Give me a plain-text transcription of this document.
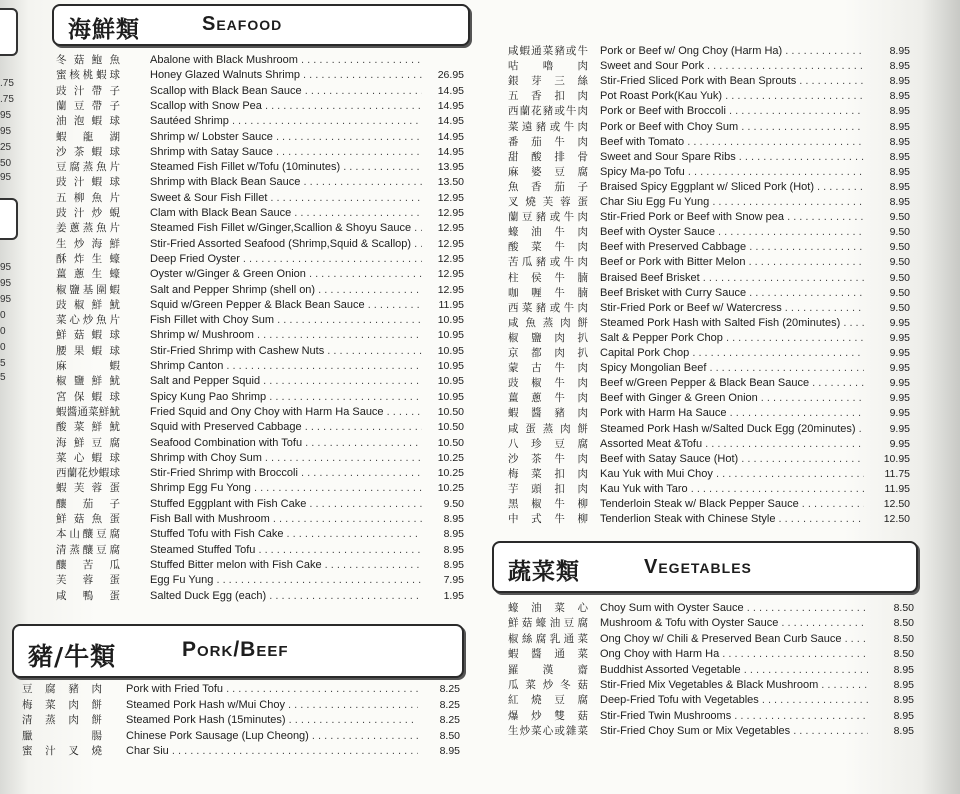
.75
.75
95
95
25
50
95
95
95
95
0
0
0
5
5
海鮮類	Seafood
豬/牛類	Pork/Beef
蔬菜類	Vegetables
冬菇鮑魚	Abalone with Black Mushroom . . .
蜜核桃蝦球	Honey Glazed Walnuts Shrimp . . .	26.95
豉汁帶子	Scallop with Black Bean Sauce . . .	14.95
蘭豆帶子	Scallop with Snow Pea . . .	14.95
油泡蝦球	Sautéed Shrimp . . .	14.95
蝦龍湖	Shrimp w/ Lobster Sauce . . .	14.95
沙茶蝦球	Shrimp with Satay Sauce . . .	14.95
豆腐蒸魚片	Steamed Fish Fillet w/Tofu (10minutes) . . .	13.95
豉汁蝦球	Shrimp with Black Bean Sauce . . .	13.50
五柳魚片	Sweet & Sour Fish Fillet . . .	12.95
豉汁炒蜆	Clam with Black Bean Sauce . . .	12.95
姜蔥蒸魚片	Steamed Fish Fillet w/Ginger,Scallion & Shoyu Sauce . . .	12.95
生炒海鮮	Stir-Fried Assorted Seafood (Shrimp,Squid & Scallop) . . .	12.95
酥炸生蠔	Deep Fried Oyster . . .	12.95
薑蔥生蠔	Oyster w/Ginger & Green Onion . . .	12.95
椒鹽基圍蝦	Salt and Pepper Shrimp (shell on) . . .	12.95
豉椒鮮魷	Squid w/Green Pepper & Black Bean Sauce . . .	11.95
菜心炒魚片	Fish Fillet with Choy Sum . . .	10.95
鮮菇蝦球	Shrimp w/ Mushroom . . .	10.95
腰果蝦球	Stir-Fried Shrimp with Cashew Nuts . . .	10.95
麻蝦	Shrimp Canton . . .	10.95
椒鹽鮮魷	Salt and Pepper Squid . . .	10.95
宮保蝦球	Spicy Kung Pao Shrimp . . .	10.95
蝦醬通菜鮮魷	Fried Squid and Ony Choy with Harm Ha Sauce . . .	10.50
酸菜鮮魷	Squid with Preserved Cabbage . . .	10.50
海鮮豆腐	Seafood Combination with Tofu . . .	10.50
菜心蝦球	Shrimp with Choy Sum . . .	10.25
西蘭花炒蝦球	Stir-Fried Shrimp with Broccoli . . .	10.25
蝦芙蓉蛋	Shrimp Egg Fu Yong . . .	10.25
釀茄子	Stuffed Eggplant with Fish Cake . . .	9.50
鮮菇魚蛋	Fish Ball with Mushroom . . .	8.95
本山釀豆腐	Stuffed Tofu with Fish Cake . . .	8.95
清蒸釀豆腐	Steamed Stuffed Tofu . . .	8.95
釀苦瓜	Stuffed Bitter melon with Fish Cake . . .	8.95
芙蓉蛋	Egg Fu Yung . . .	7.95
咸鴨蛋	Salted Duck Egg (each) . . .	1.95
豆腐豬肉 Pork with Fried Tofu . . .	8.25
梅菜肉餅 Steamed Pork Hash w/Mui Choy . . .	8.25
清蒸肉餅 Steamed Pork Hash (15minutes) . . .	8.25
臘腸 Chinese Pork Sausage (Lup Cheong) . . .	8.50
蜜汁叉燒 Char Siu . . .	8.95
咸蝦通菜豬或牛 Pork or Beef w/ Ong Choy (Harm Ha) . . .	8.95
咕嚕肉 Sweet and Sour Pork . . .	8.95
銀芽三絲 Stir-Fried Sliced Pork with Bean Sprouts . . .	8.95
五香扣肉 Pot Roast Pork(Kau Yuk) . . .	8.95
西蘭花豬或牛肉 Pork or Beef with Broccoli . . .	8.95
菜遠豬或牛肉 Pork or Beef with Choy Sum . . .	8.95
番茄牛肉 Beef with Tomato . . .	8.95
甜酸排骨 Sweet and Sour Spare Ribs . . .	8.95
麻婆豆腐 Spicy Ma-po Tofu . . .	8.95
魚香茄子 Braised Spicy Eggplant w/ Sliced Pork (Hot) . . .	8.95
叉燒芙蓉蛋 Char Siu Egg Fu Yung . . .	8.95
蘭豆豬或牛肉 Stir-Fried Pork or Beef with Snow pea . . .	9.50
蠔油牛肉 Beef with Oyster Sauce . . .	9.50
酸菜牛肉 Beef with Preserved Cabbage . . .	9.50
苦瓜豬或牛肉 Beef or Pork with Bitter Melon . . .	9.50
柱侯牛腩 Braised Beef Brisket . . .	9.50
咖喱牛腩 Beef Brisket with Curry Sauce . . .	9.50
西菜豬或牛肉 Stir-Fried Pork or Beef w/ Watercress . . .	9.50
咸魚蒸肉餅 Steamed Pork Hash with Salted Fish (20minutes) . . .	9.95
椒鹽肉扒 Salt & Pepper Pork Chop . . .	9.95
京都肉扒 Capital Pork Chop . . .	9.95
蒙古牛肉 Spicy Mongolian Beef . . .	9.95
豉椒牛肉 Beef w/Green Pepper & Black Bean Sauce . . .	9.95
薑蔥牛肉 Beef with Ginger & Green Onion . . .	9.95
蝦醬豬肉 Pork with Harm Ha Sauce . . .	9.95
咸蛋蒸肉餅 Steamed Pork Hash w/Salted Duck Egg (20minutes) . . .	9.95
八珍豆腐 Assorted Meat &Tofu . . .	9.95
沙茶牛肉 Beef with Satay Sauce (Hot) . . .	10.95
梅菜扣肉 Kau Yuk with Mui Choy . . .	11.75
芋頭扣肉 Kau Yuk with Taro . . .	11.95
黑椒牛柳 Tenderloin Steak w/ Black Pepper Sauce . . .	12.50
中式牛柳 Tenderlion Steak with Chinese Style . . .	12.50
蠔油菜心 Choy Sum with Oyster Sauce . . .	8.50
鮮菇蠔油豆腐 Mushroom & Tofu with Oyster Sauce . . .	8.50
椒絲腐乳通菜 Ong Choy w/ Chili & Preserved Bean Curb Sauce . . .	8.50
蝦醬通菜 Ong Choy with Harm Ha . . .	8.50
羅漢齋 Buddhist Assorted Vegetable . . .	8.95
瓜菜炒冬菇 Stir-Fried Mix Vegetables & Black Mushroom . . .	8.95
紅燒豆腐 Deep-Fried Tofu with Vegetables . . .	8.95
爆炒雙菇 Stir-Fried Twin Mushrooms . . .	8.95
生炒菜心或雜菜 Stir-Fried Choy Sum or Mix Vegetables . . .	8.95
